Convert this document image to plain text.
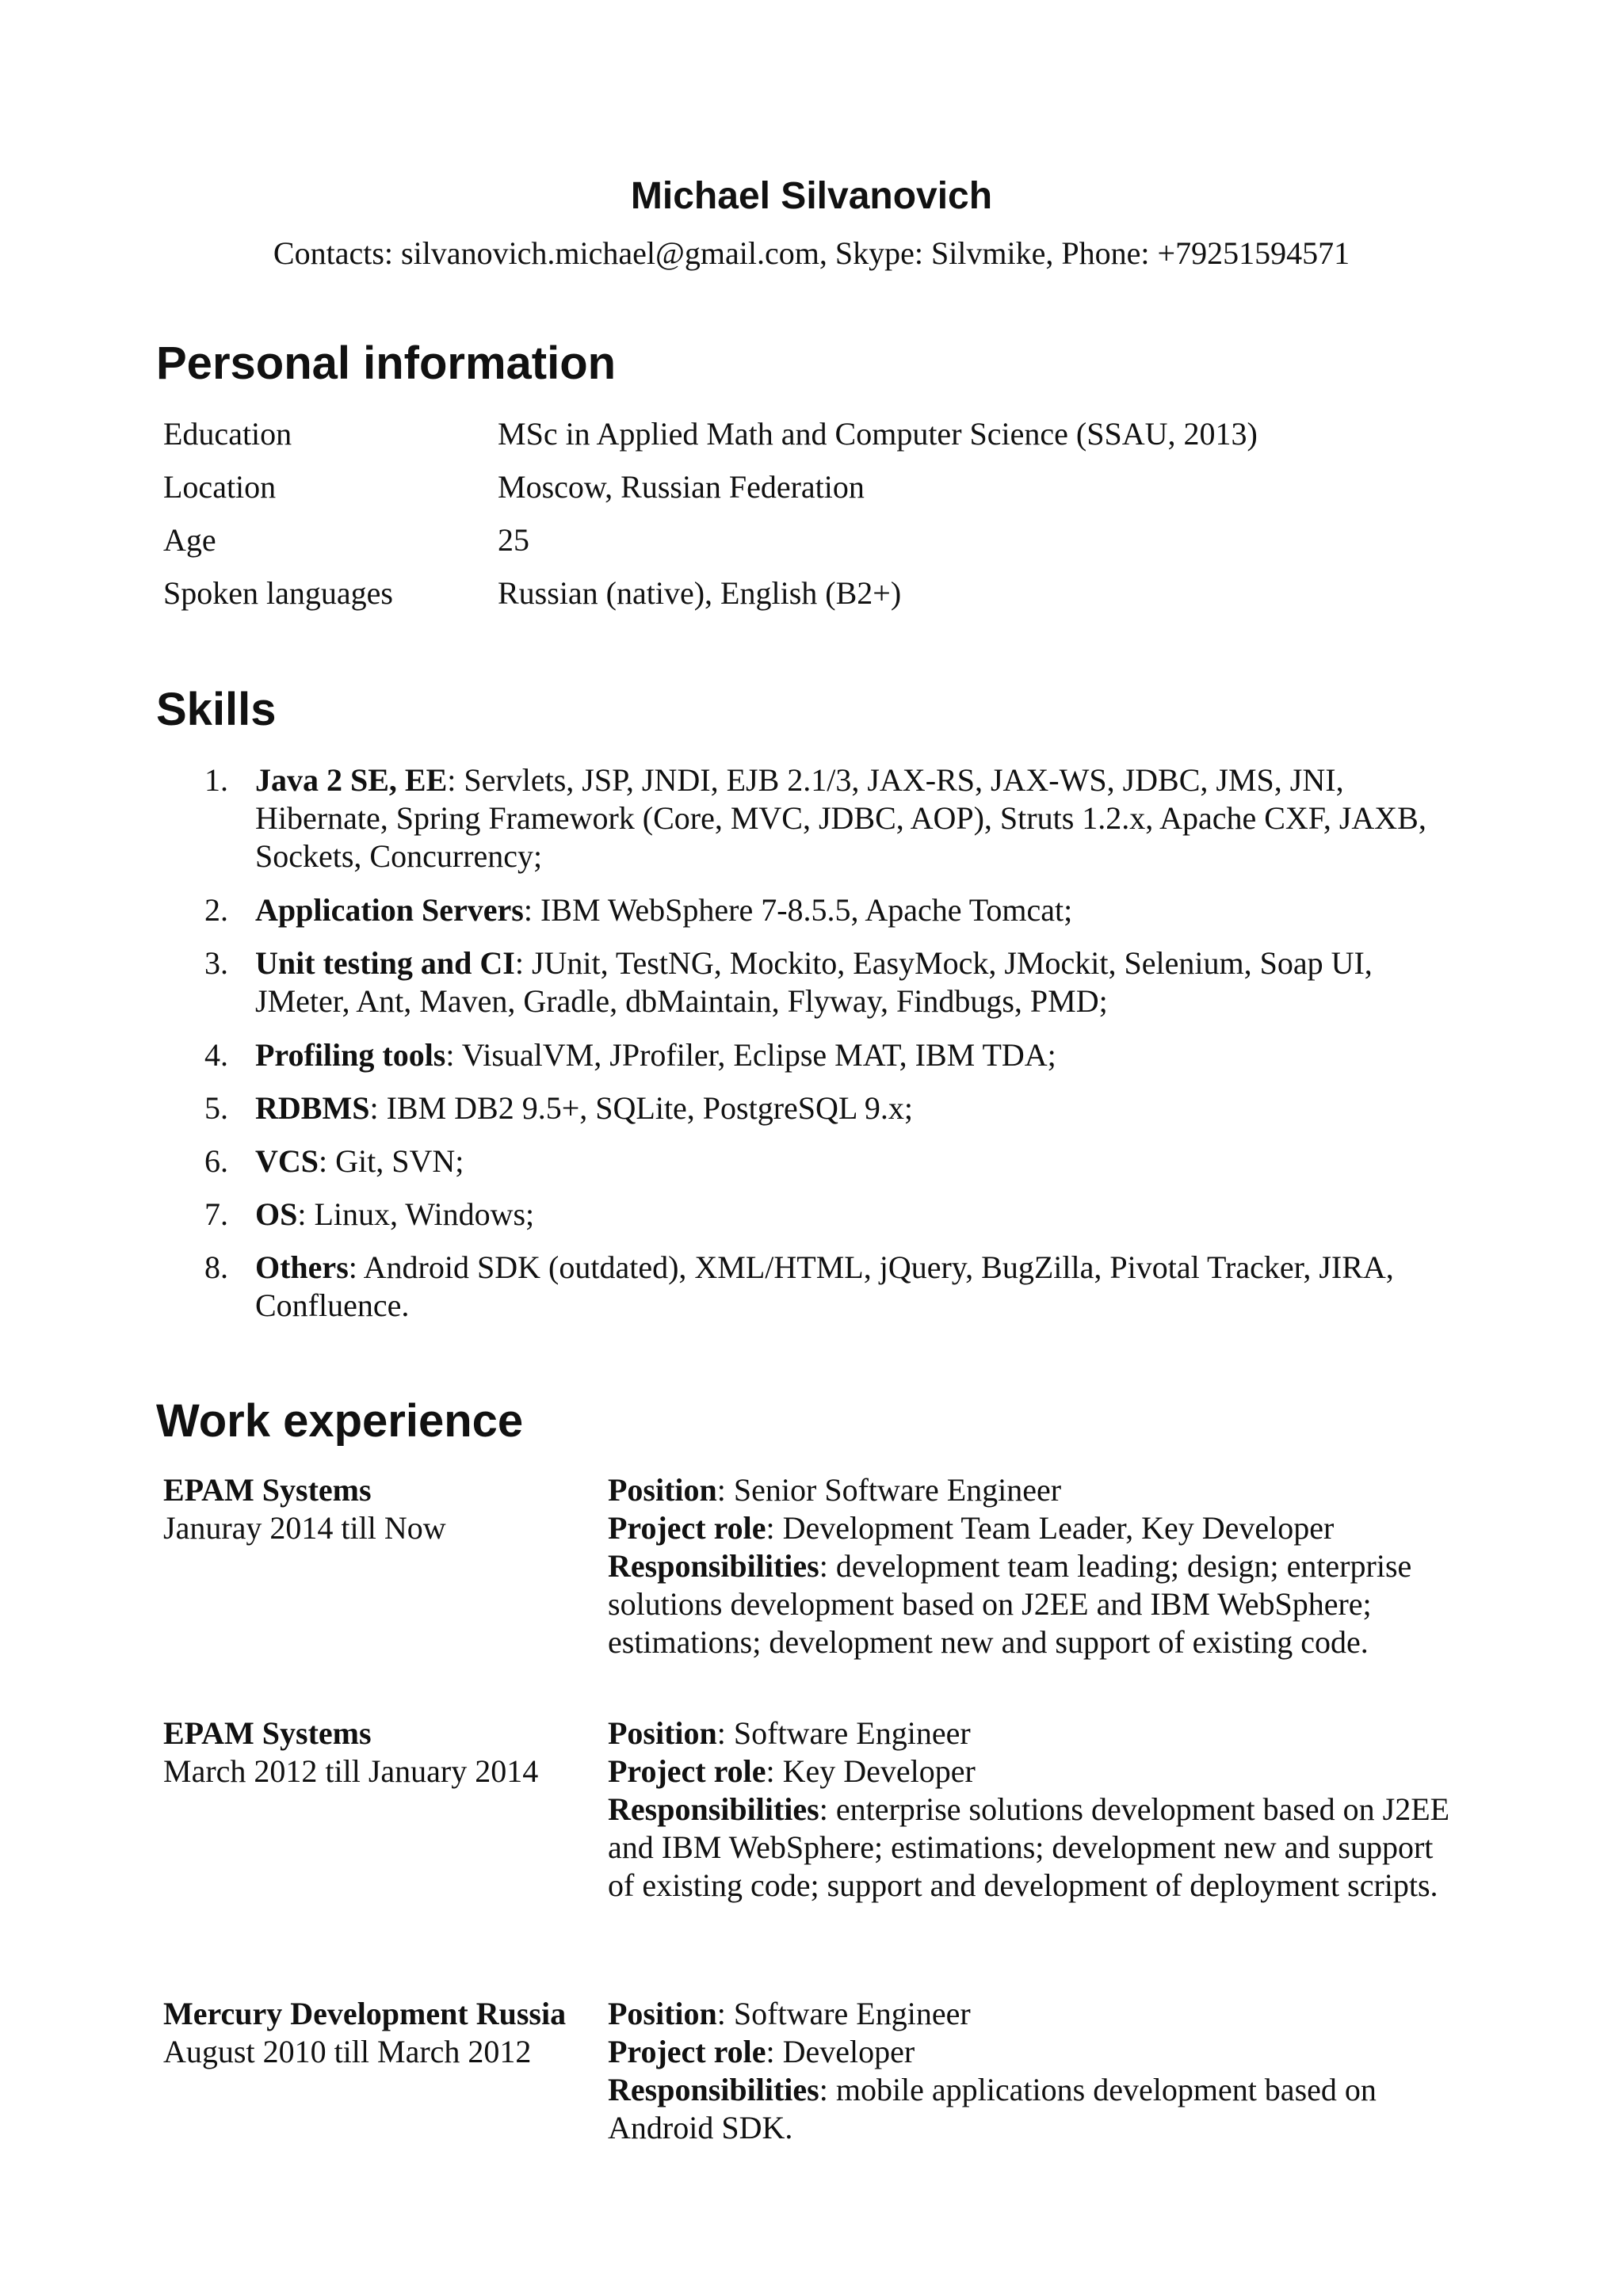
Michael Silvanovich
Contacts: silvanovich.michael@gmail.com, Skype: Silvmike, Phone: +79251594571
Personal information
Education	MSc in Applied Math and Computer Science (SSAU, 2013)
Location	Moscow, Russian Federation
Age	25
Spoken languages	Russian (native), English (B2+)
Skills
1. Java 2 SE, EE: Servlets, JSP, JNDI, EJB 2.1/3, JAX-RS, JAX-WS, JDBC, JMS, JNI, Hibernate, Spring Framework (Core, MVC, JDBC, AOP), Struts 1.2.x, Apache CXF, JAXB, Sockets, Concurrency;
2. Application Servers: IBM WebSphere 7-8.5.5, Apache Tomcat;
3. Unit testing and CI: JUnit, TestNG, Mockito, EasyMock, JMockit, Selenium, Soap UI, JMeter, Ant, Maven, Gradle, dbMaintain, Flyway, Findbugs, PMD;
4. Profiling tools: VisualVM, JProfiler, Eclipse MAT, IBM TDA;
5. RDBMS: IBM DB2 9.5+, SQLite, PostgreSQL 9.x;
6. VCS: Git, SVN;
7. OS: Linux, Windows;
8. Others: Android SDK (outdated), XML/HTML, jQuery, BugZilla, Pivotal Tracker, JIRA, Confluence.
Work experience
EPAM Systems
Januray 2014 till Now
Position: Senior Software Engineer
Project role: Development Team Leader, Key Developer
Responsibilities: development team leading; design; enterprise solutions development based on J2EE and IBM WebSphere; estimations; development new and support of existing code.
EPAM Systems
March 2012 till January 2014
Position: Software Engineer
Project role: Key Developer
Responsibilities: enterprise solutions development based on J2EE and IBM WebSphere; estimations; development new and support of existing code; support and development of deployment scripts.
Mercury Development Russia
August 2010 till March 2012
Position: Software Engineer
Project role: Developer
Responsibilities: mobile applications development based on Android SDK.
